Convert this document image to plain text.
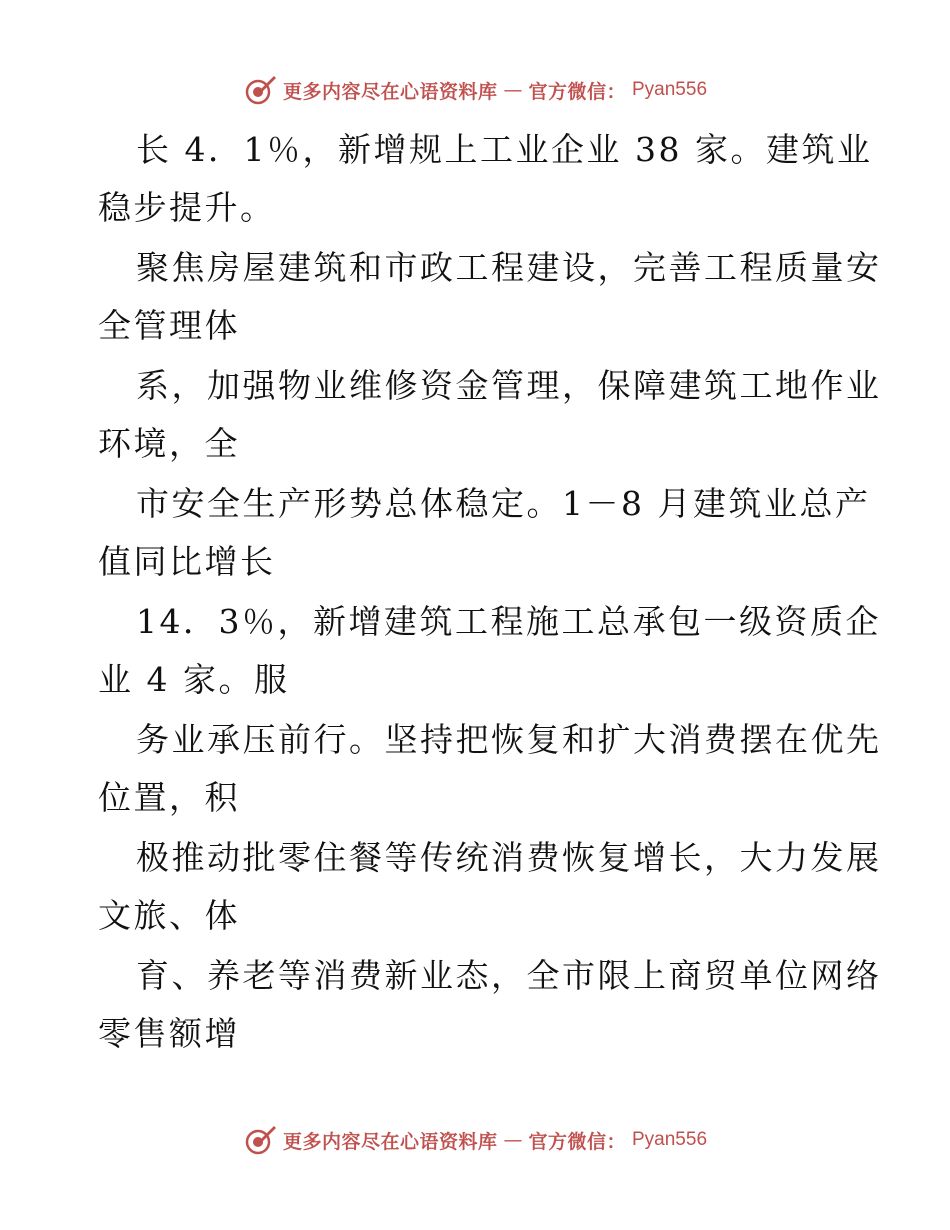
更多内容尽在心语资料库 — 官方微信： Pyan556
长 4．1％，新增规上工业企业 38 家。建筑业
稳步提升。
聚焦房屋建筑和市政工程建设，完善工程质量安
全管理体
系，加强物业维修资金管理，保障建筑工地作业
环境，全
市安全生产形势总体稳定。1－8 月建筑业总产
值同比增长
14．3％，新增建筑工程施工总承包一级资质企
业 4 家。服
务业承压前行。坚持把恢复和扩大消费摆在优先
位置，积
极推动批零住餐等传统消费恢复增长，大力发展
文旅、体
育、养老等消费新业态，全市限上商贸单位网络
零售额增
更多内容尽在心语资料库 — 官方微信： Pyan556
